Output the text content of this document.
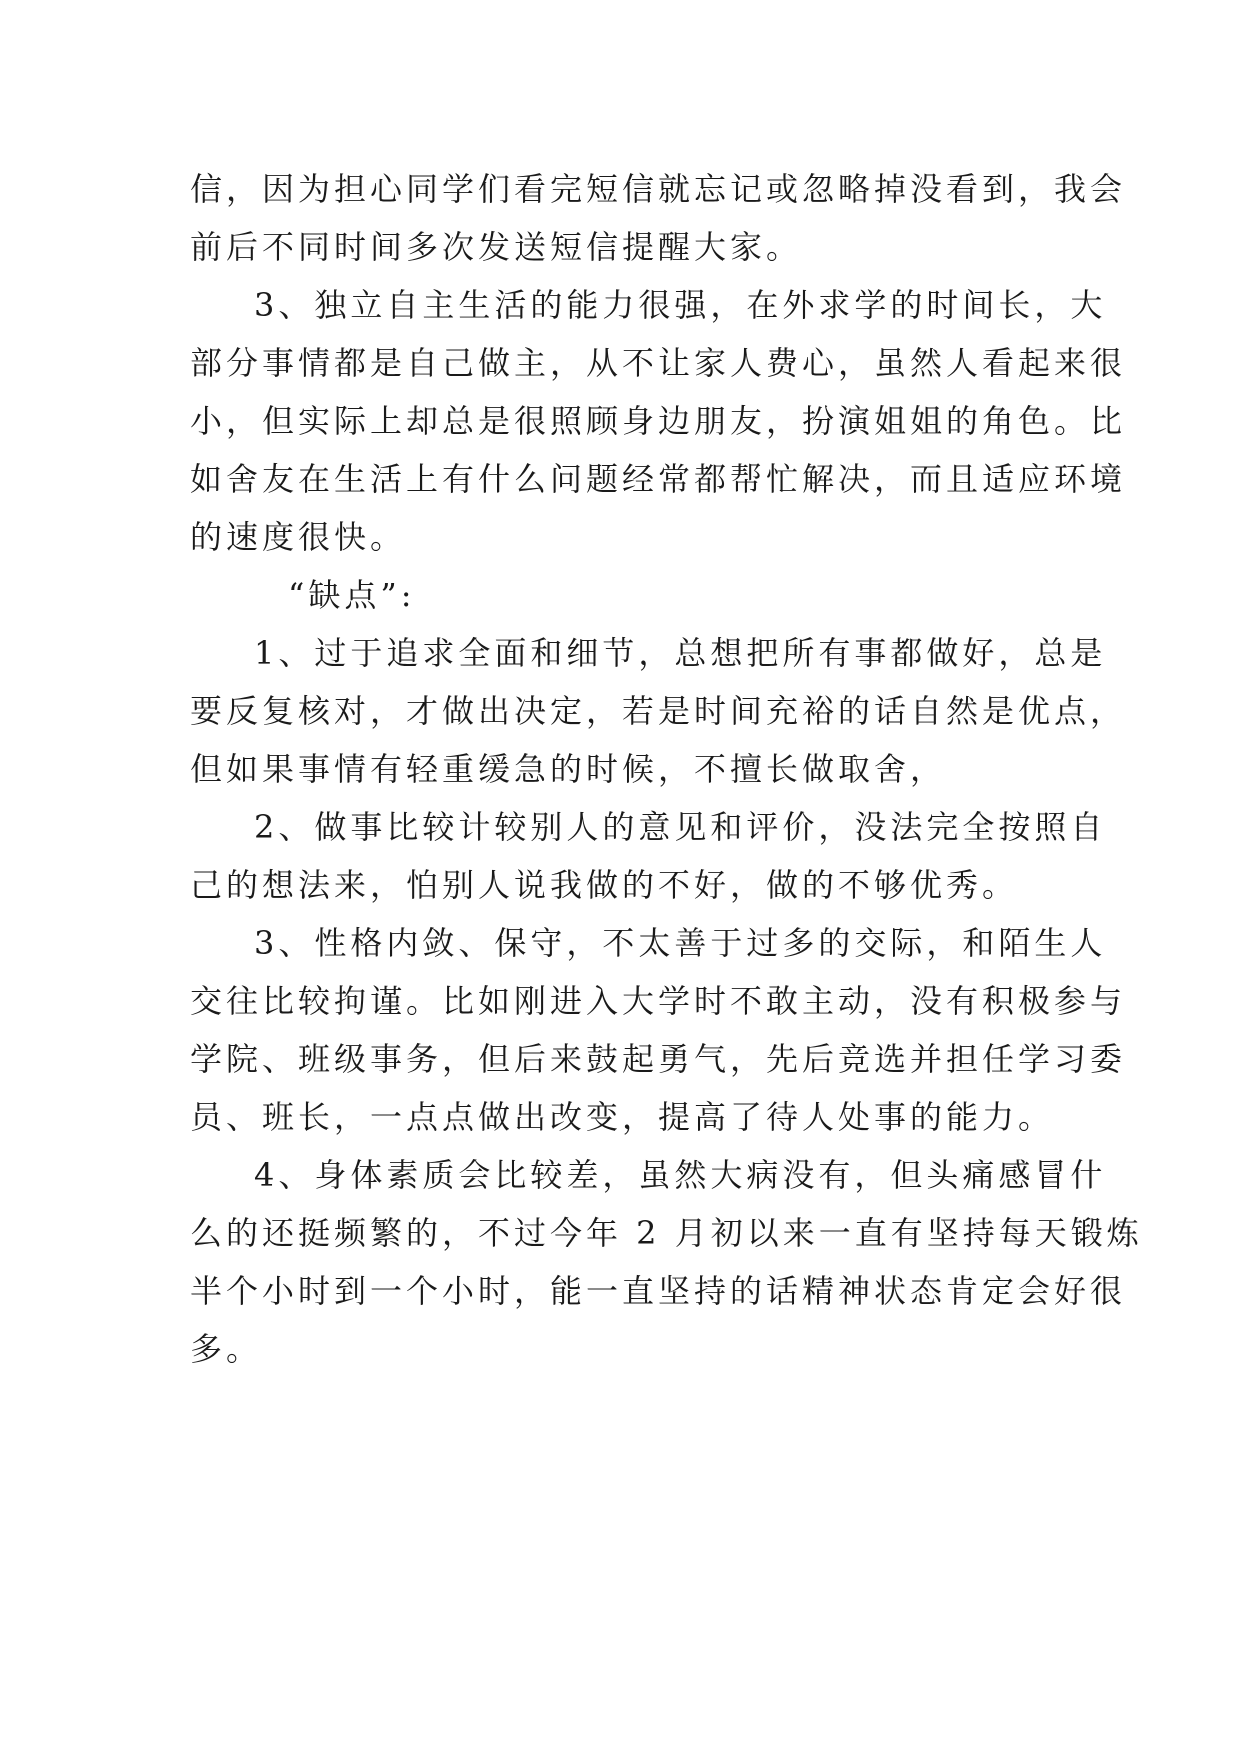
信，因为担心同学们看完短信就忘记或忽略掉没看到，我会
前后不同时间多次发送短信提醒大家。
3、独立自主生活的能力很强，在外求学的时间长，大
部分事情都是自己做主，从不让家人费心，虽然人看起来很
小，但实际上却总是很照顾身边朋友，扮演姐姐的角色。比
如舍友在生活上有什么问题经常都帮忙解决，而且适应环境
的速度很快。
“缺点”:
1、过于追求全面和细节，总想把所有事都做好，总是
要反复核对，才做出决定，若是时间充裕的话自然是优点，
但如果事情有轻重缓急的时候，不擅长做取舍，
2、做事比较计较别人的意见和评价，没法完全按照自
己的想法来，怕别人说我做的不好，做的不够优秀。
3、性格内敛、保守，不太善于过多的交际，和陌生人
交往比较拘谨。比如刚进入大学时不敢主动，没有积极参与
学院、班级事务，但后来鼓起勇气，先后竞选并担任学习委
员、班长，一点点做出改变，提高了待人处事的能力。
4、身体素质会比较差，虽然大病没有，但头痛感冒什
么的还挺频繁的，不过今年 2 月初以来一直有坚持每天锻炼
半个小时到一个小时，能一直坚持的话精神状态肯定会好很
多。
